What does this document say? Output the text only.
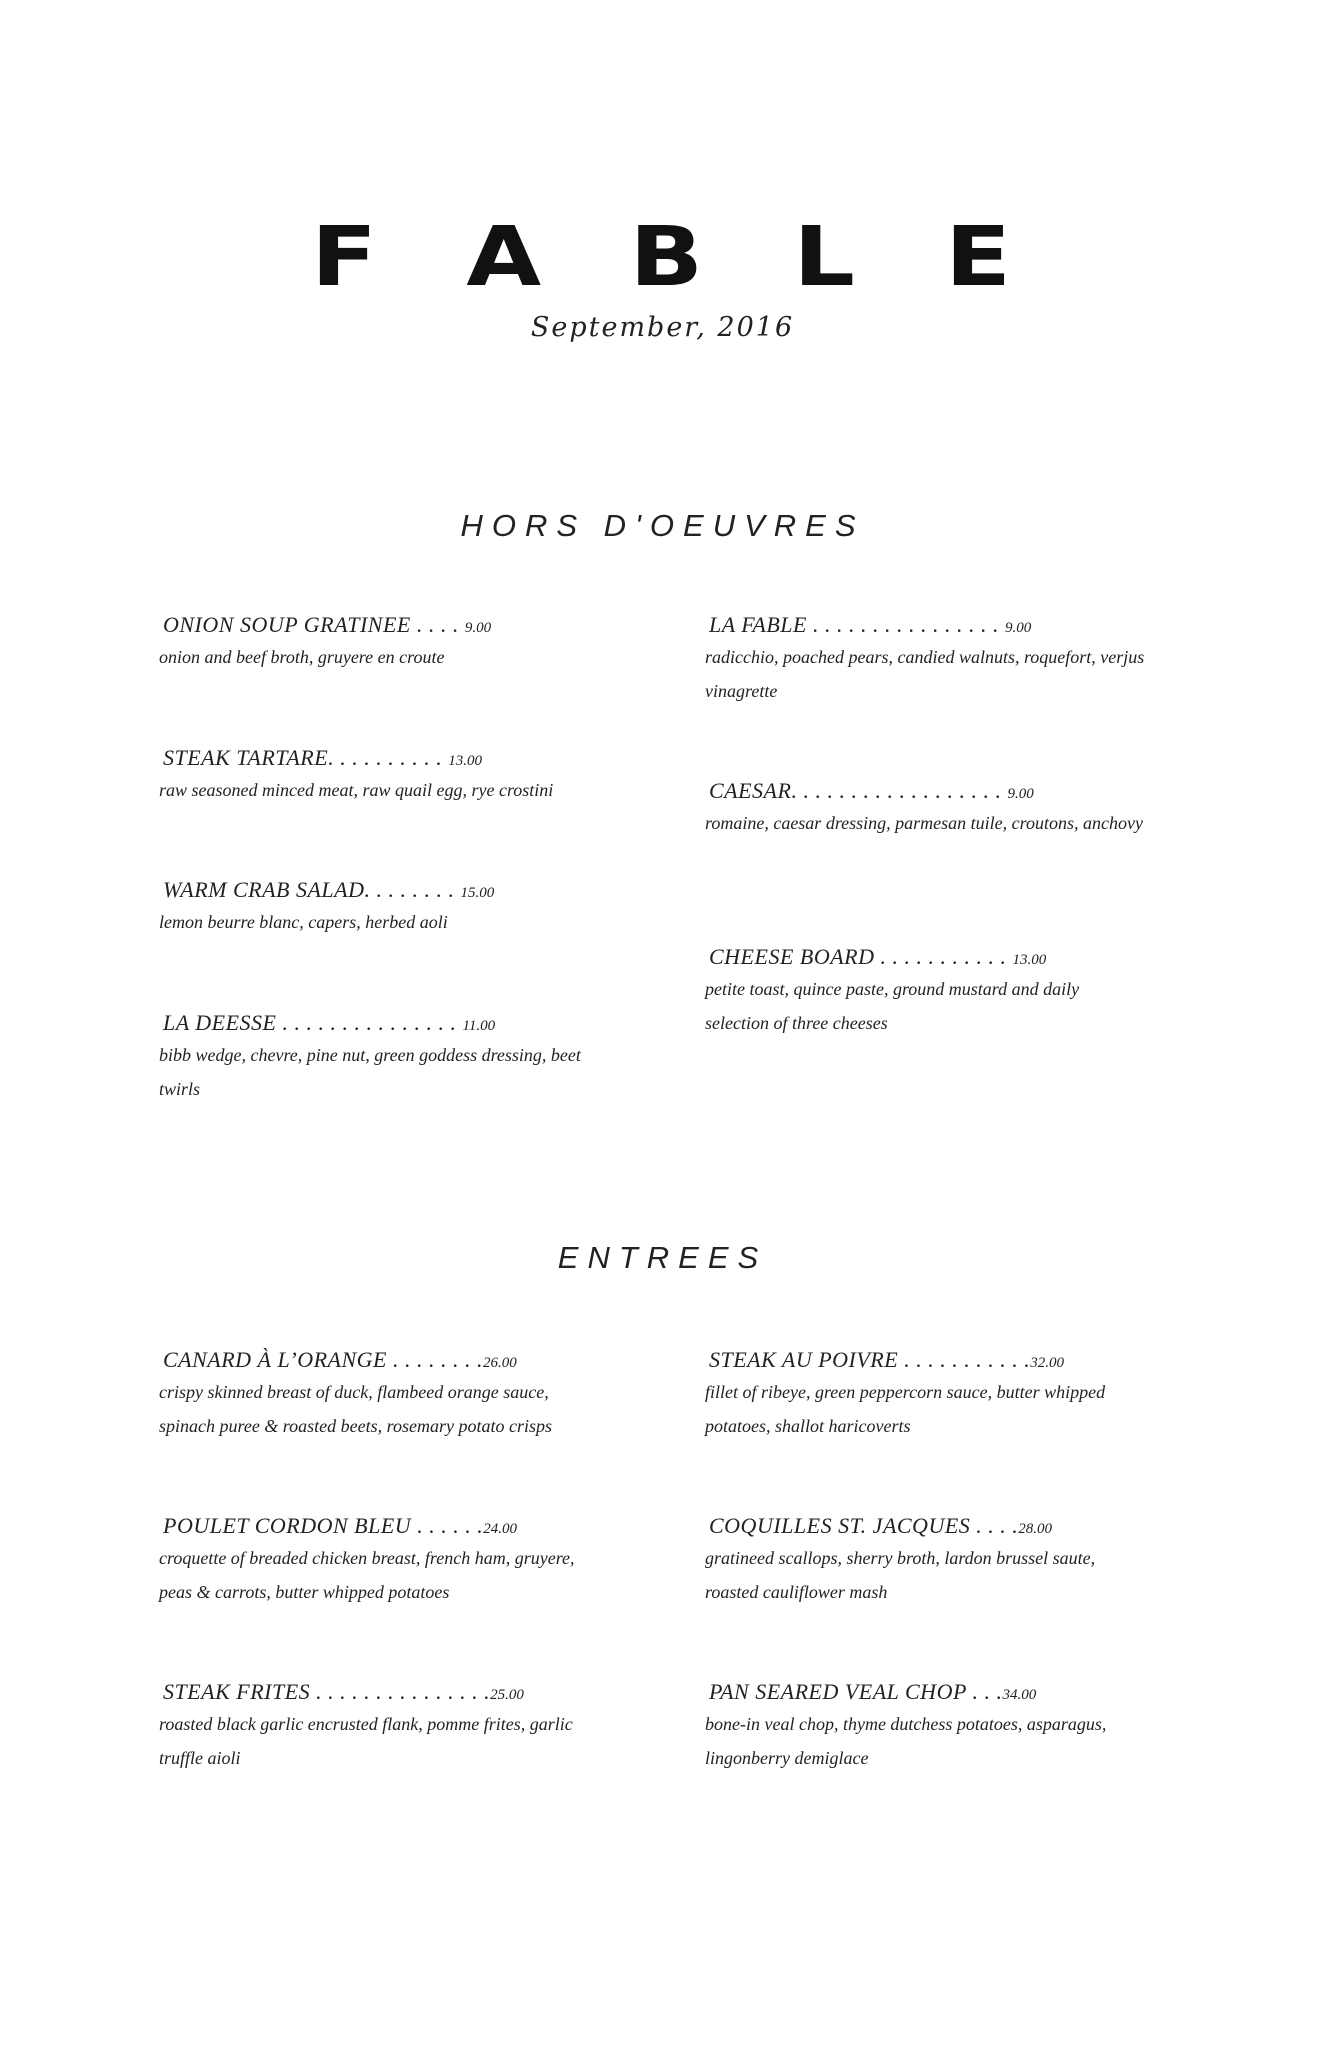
F A B L E
September, 2016
HORS D'OEUVRES
ONION SOUP GRATINEE . . . . 9.00
onion and beef broth, gruyere en croute
STEAK TARTARE. . . . . . . . . . 13.00
raw seasoned minced meat, raw quail egg, rye crostini
WARM CRAB SALAD. . . . . . . . 15.00
lemon beurre blanc, capers, herbed aoli
LA DEESSE . . . . . . . . . . . . . . . 11.00
bibb wedge, chevre, pine nut, green goddess dressing, beet twirls
LA FABLE . . . . . . . . . . . . . . . . 9.00
radicchio, poached pears, candied walnuts, roquefort, verjus vinagrette
CAESAR. . . . . . . . . . . . . . . . . . 9.00
romaine, caesar dressing, parmesan tuile, croutons, anchovy
CHEESE BOARD . . . . . . . . . . . 13.00
petite toast, quince paste, ground mustard and daily selection of three cheeses
ENTREES
CANARD À L’ORANGE . . . . . . . .26.00
crispy skinned breast of duck, flambeed orange sauce, spinach puree & roasted beets, rosemary potato crisps
POULET CORDON BLEU . . . . . .24.00
croquette of breaded chicken breast, french ham, gruyere, peas & carrots, butter whipped potatoes
STEAK FRITES . . . . . . . . . . . . . . .25.00
roasted black garlic encrusted flank, pomme frites, garlic truffle aioli
STEAK AU POIVRE . . . . . . . . . . .32.00
fillet of ribeye, green peppercorn sauce, butter whipped potatoes, shallot haricoverts
COQUILLES ST. JACQUES . . . .28.00
gratineed scallops, sherry broth, lardon brussel saute, roasted cauliflower mash
PAN SEARED VEAL CHOP . . .34.00
bone-in veal chop, thyme dutchess potatoes, asparagus, lingonberry demiglace
